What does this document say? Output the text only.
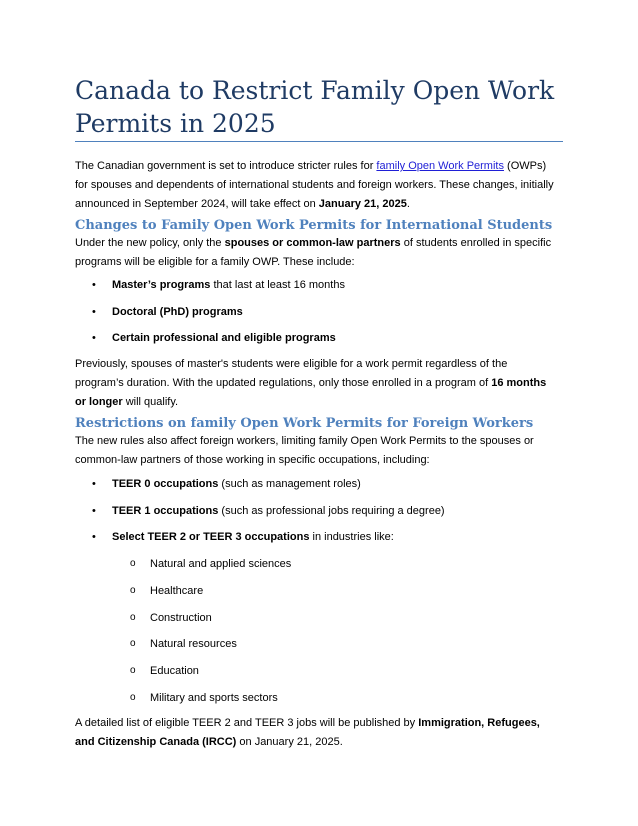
Canada to Restrict Family Open Work Permits in 2025

The Canadian government is set to introduce stricter rules for family Open Work Permits (OWPs) for spouses and dependents of international students and foreign workers. These changes, initially announced in September 2024, will take effect on January 21, 2025.

Changes to Family Open Work Permits for International Students

Under the new policy, only the spouses or common-law partners of students enrolled in specific programs will be eligible for a family OWP. These include:

• Master’s programs that last at least 16 months
• Doctoral (PhD) programs
• Certain professional and eligible programs

Previously, spouses of master's students were eligible for a work permit regardless of the program’s duration. With the updated regulations, only those enrolled in a program of 16 months or longer will qualify.

Restrictions on family Open Work Permits for Foreign Workers

The new rules also affect foreign workers, limiting family Open Work Permits to the spouses or common-law partners of those working in specific occupations, including:

• TEER 0 occupations (such as management roles)
• TEER 1 occupations (such as professional jobs requiring a degree)
• Select TEER 2 or TEER 3 occupations in industries like:
o Natural and applied sciences
o Healthcare
o Construction
o Natural resources
o Education
o Military and sports sectors

A detailed list of eligible TEER 2 and TEER 3 jobs will be published by Immigration, Refugees, and Citizenship Canada (IRCC) on January 21, 2025.
